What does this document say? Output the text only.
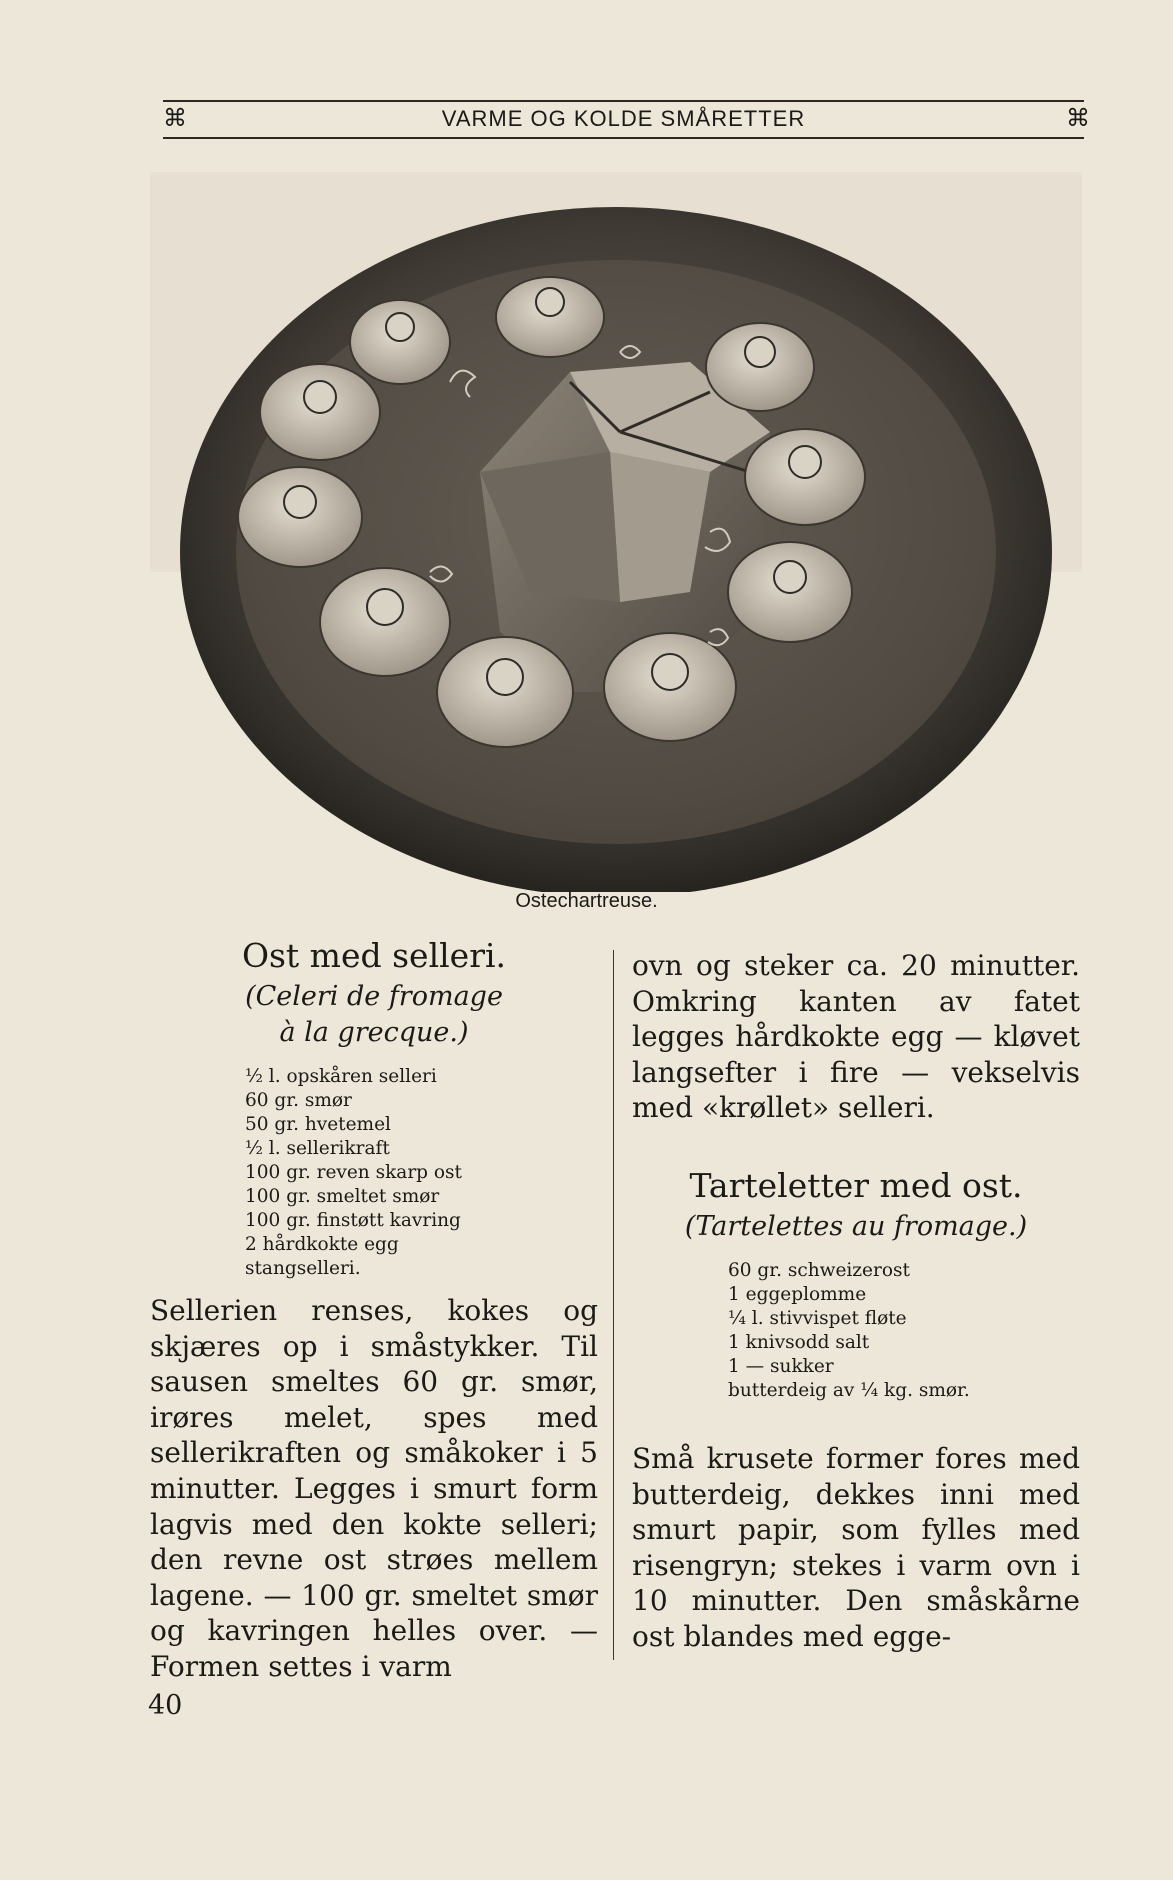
⌘	VARME OG KOLDE SMÅRETTER	⌘
Ostechartreuse.
Ost med selleri.
(Celeri de fromage
à la grecque.)
½ l. opskåren selleri
60 gr. smør
50 gr. hvetemel
½ l. sellerikraft
100 gr. reven skarp ost
100 gr. smeltet smør
100 gr. finstøtt kavring
2 hårdkokte egg
stangselleri.

Sellerien renses, kokes og skjæres op i småstykker. Til sausen smeltes 60 gr. smør, irøres melet, spes med sellerikraften og småkoker i 5 minutter. Legges i smurt form lagvis med den kokte selleri; den revne ost strøes mellem lagene. — 100 gr. smeltet smør og kavringen helles over. — Formen settes i varm

ovn og steker ca. 20 minutter. Omkring kanten av fatet legges hårdkokte egg — kløvet langsefter i fire — vekselvis med «krøllet» selleri.

Tarteletter med ost.
(Tartelettes au fromage.)
60 gr. schweizerost
1 eggeplomme
¼ l. stivvispet fløte
1 knivsodd salt
1 — sukker
butterdeig av ¼ kg. smør.

Små krusete former fores med butterdeig, dekkes inni med smurt papir, som fylles med risengryn; stekes i varm ovn i 10 minutter. Den småskårne ost blandes med egge-

40
